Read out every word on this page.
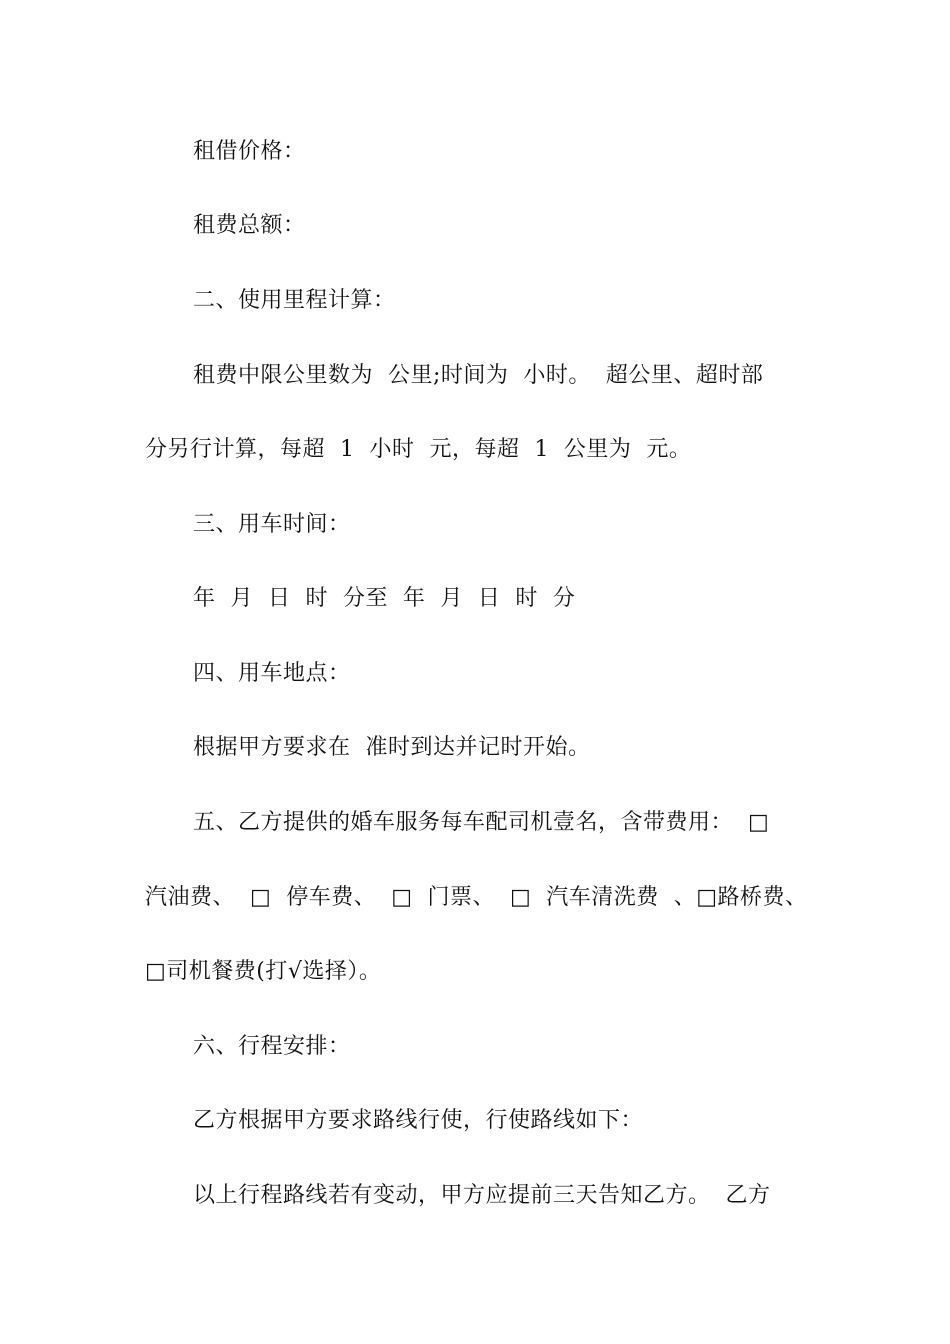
租借价格：
租费总额：
二、使用里程计算：
租费中限公里数为  公里;时间为  小时。  超公里、超时部
分另行计算，每超  1  小时  元，每超  1  公里为  元。
三、用车时间：
年  月  日  时  分至  年  月  日  时  分
四、用车地点：
根据甲方要求在  准时到达并记时开始。
五、乙方提供的婚车服务每车配司机壹名，含带费用：  □
汽油费、  □  停车费、  □  门票、  □  汽车清洗费  、□路桥费、
□司机餐费(打√选择）。
六、行程安排：
乙方根据甲方要求路线行使，行使路线如下：
以上行程路线若有变动，甲方应提前三天告知乙方。  乙方
